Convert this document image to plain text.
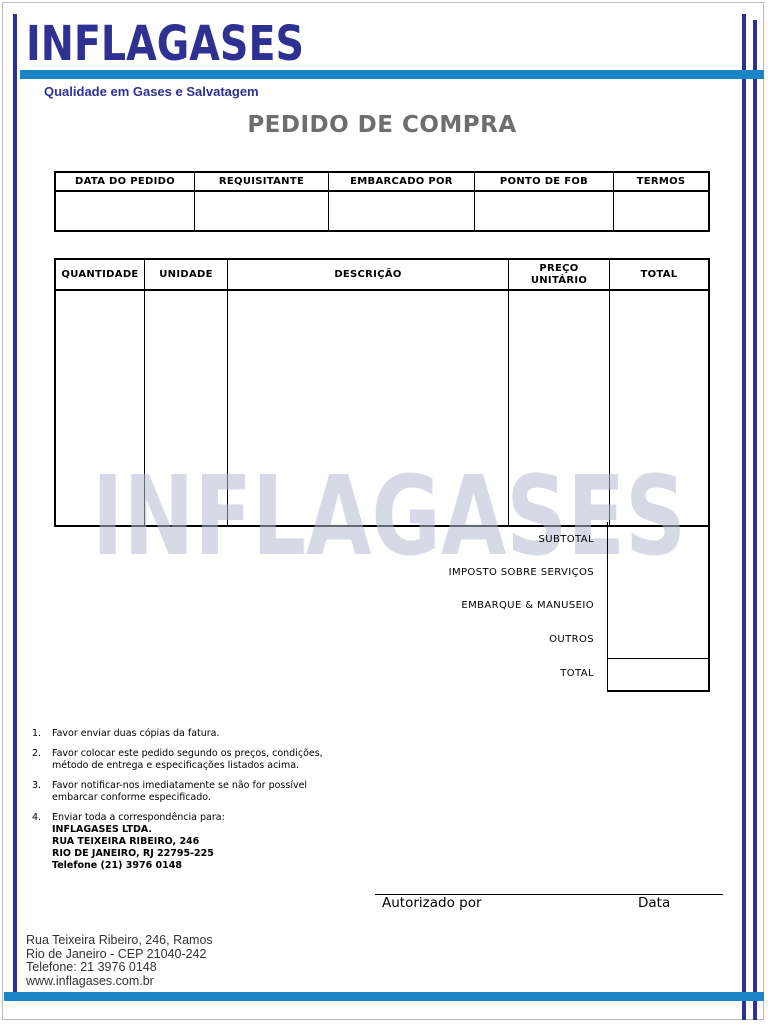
INFLAGASES
Qualidade em Gases e Salvatagem
PEDIDO DE COMPRA
DATA DO PEDIDO	REQUISITANTE	EMBARCADO POR	PONTO DE FOB	TERMOS

QUANTIDADE	UNIDADE	DESCRIÇÃO	PREÇO UNITÁRIO	TOTAL

INFLAGASES
SUBTOTAL
IMPOSTO SOBRE SERVIÇOS
EMBARQUE & MANUSEIO
OUTROS
TOTAL
1.	Favor enviar duas cópias da fatura.
2.	Favor colocar este pedido segundo os preços, condições, método de entrega e especificações listados acima.
3.	Favor notificar-nos imediatamente se não for possível embarcar conforme especificado.
4.	Enviar toda a correspondência para:
INFLAGASES LTDA.
RUA TEIXEIRA RIBEIRO, 246
RIO DE JANEIRO, RJ 22795-225
Telefone (21) 3976 0148
Autorizado por	Data
Rua Teixeira Ribeiro, 246, Ramos
Rio de Janeiro - CEP 21040-242
Telefone: 21 3976 0148
www.inflagases.com.br
